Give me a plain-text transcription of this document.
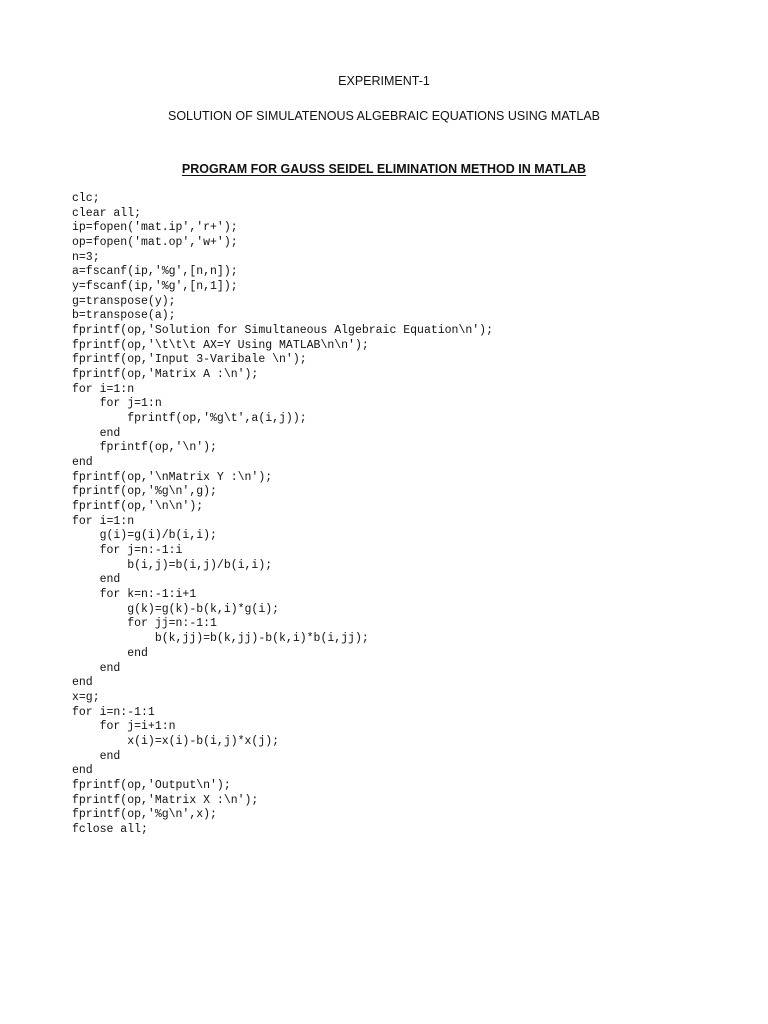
EXPERIMENT-1
SOLUTION OF SIMULATENOUS ALGEBRAIC EQUATIONS USING MATLAB
PROGRAM FOR GAUSS SEIDEL ELIMINATION METHOD IN MATLAB
clc;
clear all;
ip=fopen('mat.ip','r+');
op=fopen('mat.op','w+');
n=3;
a=fscanf(ip,'%g',[n,n]);
y=fscanf(ip,'%g',[n,1]);
g=transpose(y);
b=transpose(a);
fprintf(op,'Solution for Simultaneous Algebraic Equation\n');
fprintf(op,'\t\t\t AX=Y Using MATLAB\n\n');
fprintf(op,'Input 3-Varibale \n');
fprintf(op,'Matrix A :\n');
for i=1:n
for j=1:n
fprintf(op,'%g\t',a(i,j));
end
fprintf(op,'\n');
end
fprintf(op,'\nMatrix Y :\n');
fprintf(op,'%g\n',g);
fprintf(op,'\n\n');
for i=1:n
g(i)=g(i)/b(i,i);
for j=n:-1:i
b(i,j)=b(i,j)/b(i,i);
end
for k=n:-1:i+1
g(k)=g(k)-b(k,i)*g(i);
for jj=n:-1:1
b(k,jj)=b(k,jj)-b(k,i)*b(i,jj);
end
end
end
x=g;
for i=n:-1:1
for j=i+1:n
x(i)=x(i)-b(i,j)*x(j);
end
end
fprintf(op,'Output\n');
fprintf(op,'Matrix X :\n');
fprintf(op,'%g\n',x);
fclose all;
